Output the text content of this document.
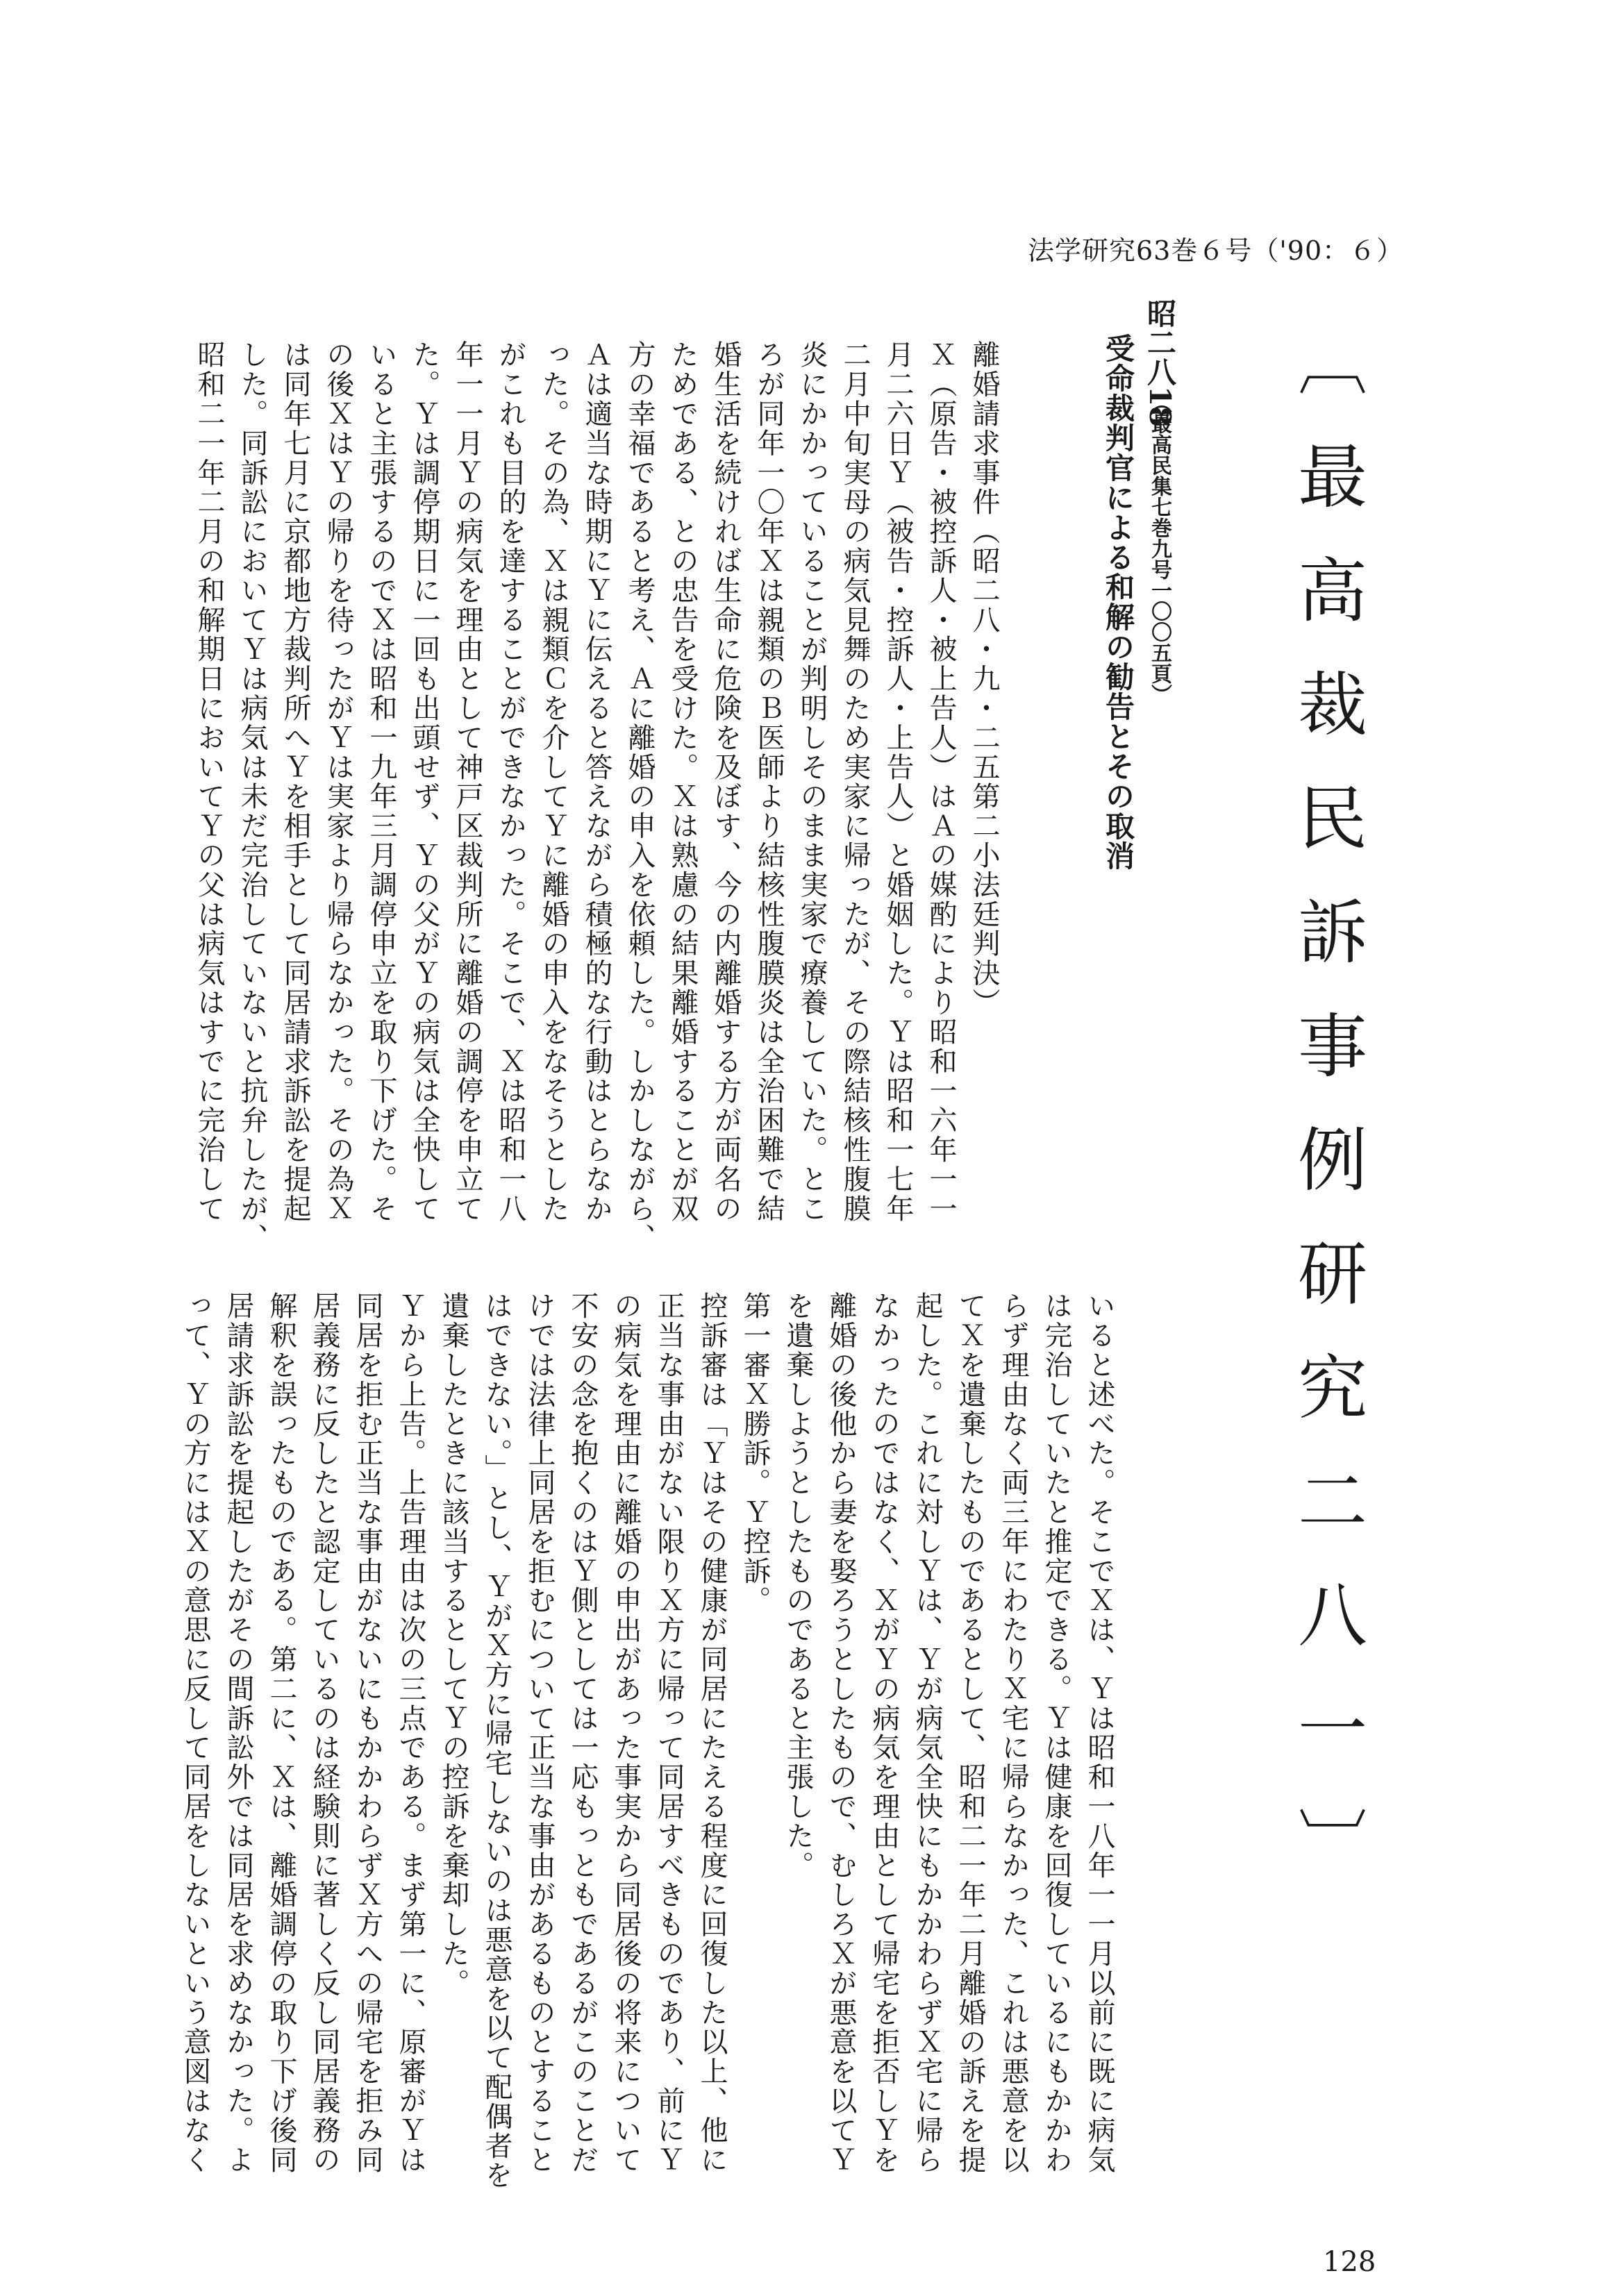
法学研究63巻６号（'90：６）
〔最高裁民訴事例研究二八一〕
昭二八18
（最高民集七巻九号一〇〇五頁）
受命裁判官による和解の勧告とその取消

離婚請求事件（昭二八・九・二五第二小法廷判決）

Ｘ（原告・被控訴人・被上告人）はＡの媒酌により昭和一六年一一

月二六日Ｙ（被告・控訴人・上告人）と婚姻した。Ｙは昭和一七年

二月中旬実母の病気見舞のため実家に帰ったが、その際結核性腹膜

炎にかかっていることが判明しそのまま実家で療養していた。とこ

ろが同年一〇年Ｘは親類のＢ医師より結核性腹膜炎は全治困難で結

婚生活を続ければ生命に危険を及ぼす、今の内離婚する方が両名の

ためである、との忠告を受けた。Ｘは熟慮の結果離婚することが双

方の幸福であると考え、Ａに離婚の申入を依頼した。しかしながら、

Ａは適当な時期にＹに伝えると答えながら積極的な行動はとらなか

った。その為、Ｘは親類Ｃを介してＹに離婚の申入をなそうとした

がこれも目的を達することができなかった。そこで、Ｘは昭和一八

年一一月Ｙの病気を理由として神戸区裁判所に離婚の調停を申立て

た。Ｙは調停期日に一回も出頭せず、Ｙの父がＹの病気は全快して

いると主張するのでＸは昭和一九年三月調停申立を取り下げた。そ

の後ＸはＹの帰りを待ったがＹは実家より帰らなかった。その為Ｘ

は同年七月に京都地方裁判所へＹを相手として同居請求訴訟を提起

した。同訴訟においてＹは病気は未だ完治していないと抗弁したが、

昭和二一年二月の和解期日においてＹの父は病気はすでに完治して

いると述べた。そこでＸは、Ｙは昭和一八年一一月以前に既に病気

は完治していたと推定できる。Ｙは健康を回復しているにもかかわ

らず理由なく両三年にわたりＸ宅に帰らなかった、これは悪意を以

てＸを遺棄したものであるとして、昭和二一年二月離婚の訴えを提

起した。これに対しＹは、Ｙが病気全快にもかかわらずＸ宅に帰ら

なかったのではなく、ＸがＹの病気を理由として帰宅を拒否しＹを

離婚の後他から妻を娶ろうとしたもので、むしろＸが悪意を以てＹ

を遺棄しようとしたものであると主張した。

第一審Ｘ勝訴。Ｙ控訴。

控訴審は「Ｙはその健康が同居にたえる程度に回復した以上、他に

正当な事由がない限りＸ方に帰って同居すべきものであり、前にＹ

の病気を理由に離婚の申出があった事実から同居後の将来について

不安の念を抱くのはＹ側としては一応もっともであるがこのことだ

けでは法律上同居を拒むについて正当な事由があるものとすること

はできない。」とし、ＹがＸ方に帰宅しないのは悪意を以て配偶者を

遺棄したときに該当するとしてＹの控訴を棄却した。

Ｙから上告。上告理由は次の三点である。まず第一に、原審がＹは

同居を拒む正当な事由がないにもかかわらずＸ方への帰宅を拒み同

居義務に反したと認定しているのは経験則に著しく反し同居義務の

解釈を誤ったものである。第二に、Ｘは、離婚調停の取り下げ後同

居請求訴訟を提起したがその間訴訟外では同居を求めなかった。よ

って、Ｙの方にはＸの意思に反して同居をしないという意図はなく

128
